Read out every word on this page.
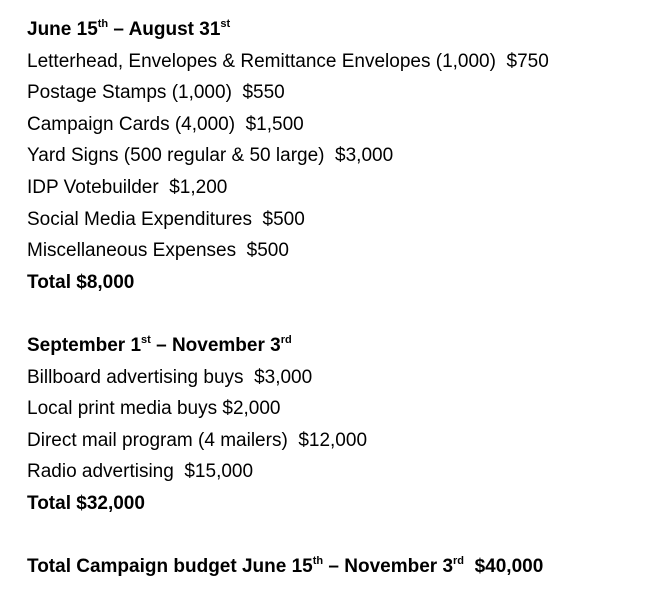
June 15th – August 31st
Letterhead, Envelopes & Remittance Envelopes (1,000)  $750
Postage Stamps (1,000)  $550
Campaign Cards (4,000)  $1,500
Yard Signs (500 regular & 50 large)  $3,000
IDP Votebuilder  $1,200
Social Media Expenditures  $500
Miscellaneous Expenses  $500
Total $8,000
September 1st – November 3rd
Billboard advertising buys  $3,000
Local print media buys $2,000
Direct mail program (4 mailers)  $12,000
Radio advertising  $15,000
Total $32,000
Total Campaign budget June 15th – November 3rd  $40,000
